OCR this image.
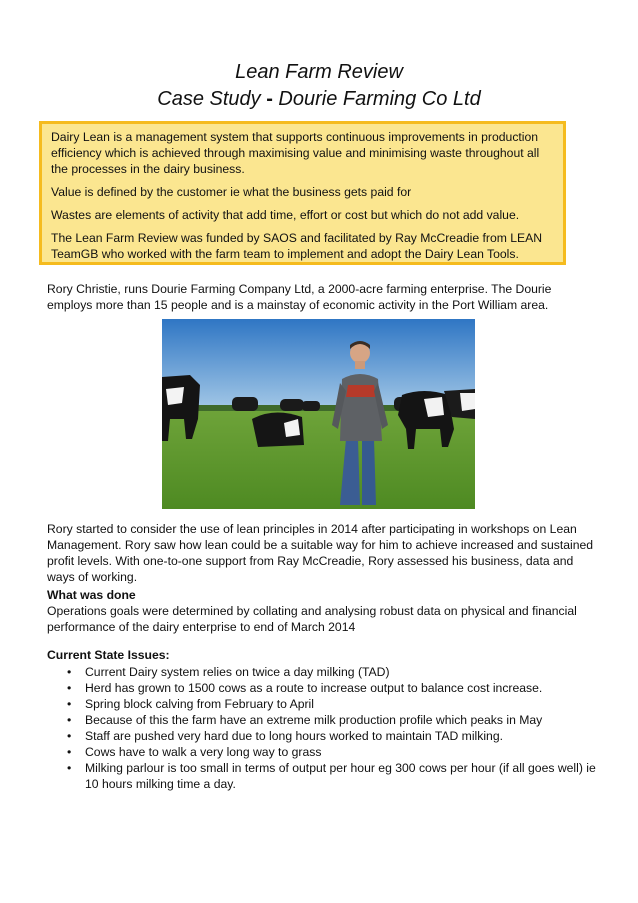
Lean Farm Review
Case Study - Dourie Farming Co Ltd

Dairy Lean is a management system that supports continuous improvements in production efficiency which is achieved through maximising value and minimising waste throughout all the processes in the dairy business.

Value is defined by the customer ie what the business gets paid for

Wastes are elements of activity that add time, effort or cost but which do not add value.

The Lean Farm Review was funded by SAOS and facilitated by Ray McCreadie from LEAN TeamGB who worked with the farm team to implement and adopt the Dairy Lean Tools.

Rory Christie, runs Dourie Farming Company Ltd, a 2000-acre farming enterprise. The Dourie employs more than 15 people and is a mainstay of economic activity in the Port William area.

Rory started to consider the use of lean principles in 2014 after participating in workshops on Lean Management. Rory saw how lean could be a suitable way for him to achieve increased and sustained profit levels. With one-to-one support from Ray McCreadie, Rory assessed his business, data and ways of working.

What was done

Operations goals were determined by collating and analysing robust data on physical and financial performance of the dairy enterprise to end of March 2014

Current State Issues:

• Current Dairy system relies on twice a day milking (TAD)
• Herd has grown to 1500 cows as a route to increase output to balance cost increase.
• Spring block calving from February to April
• Because of this the farm have an extreme milk production profile which peaks in May
• Staff are pushed very hard due to long hours worked to maintain TAD milking.
• Cows have to walk a very long way to grass
• Milking parlour is too small in terms of output per hour eg 300 cows per hour (if all goes well) ie 10 hours milking time a day.
